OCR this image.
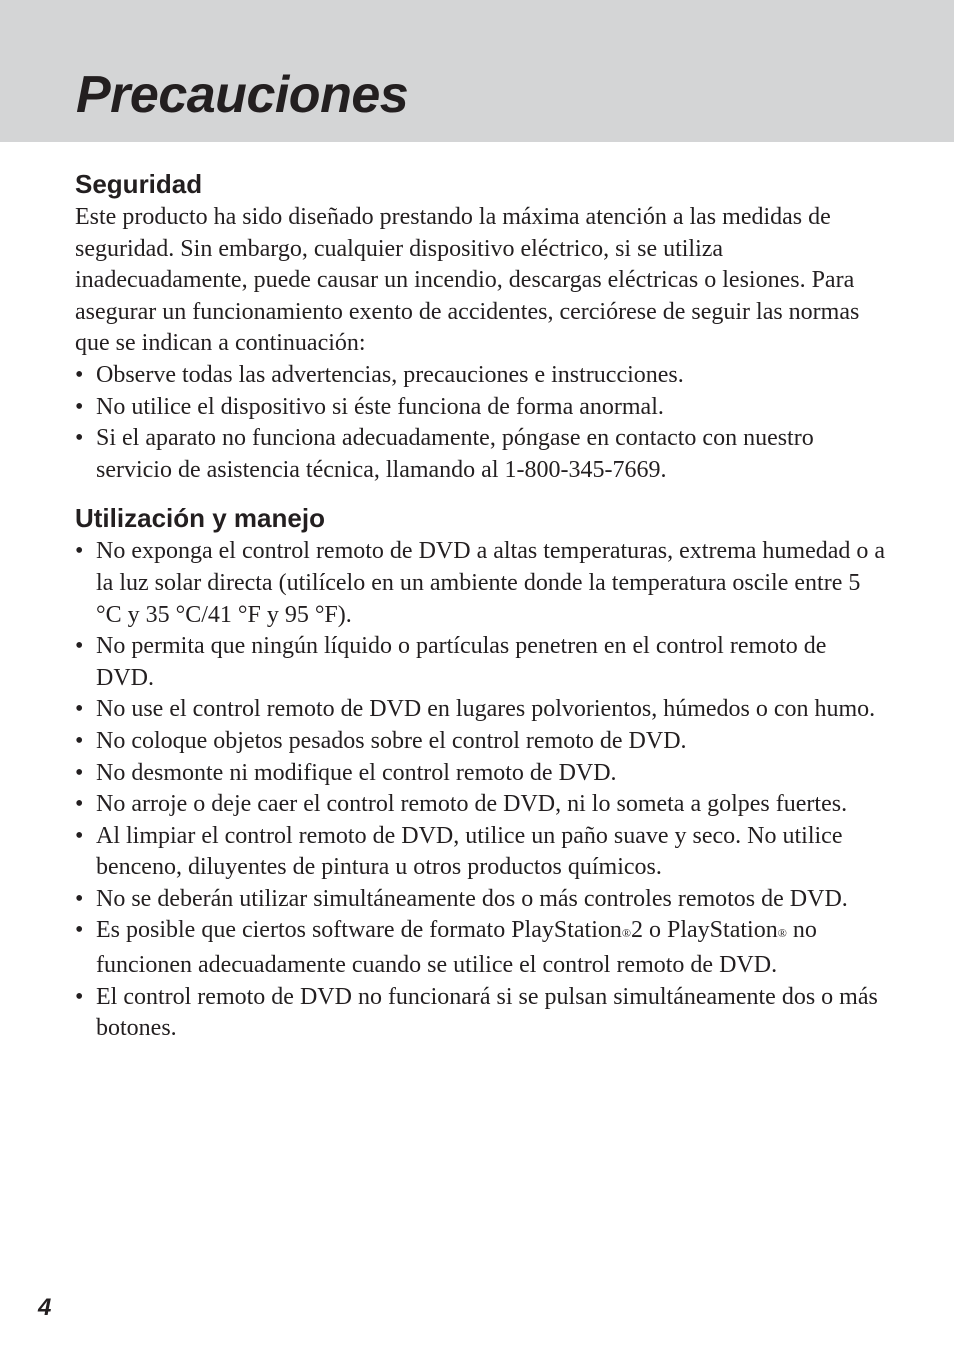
Precauciones
Seguridad

Este producto ha sido diseñado prestando la máxima atención a las medidas de seguridad. Sin embargo, cualquier dispositivo eléctrico, si se utiliza inadecuadamente, puede causar un incendio, descargas eléctricas o lesiones. Para asegurar un funcionamiento exento de accidentes, cerciórese de seguir las normas que se indican a continuación:

• Observe todas las advertencias, precauciones e instrucciones.
• No utilice el dispositivo si éste funciona de forma anormal.
• Si el aparato no funciona adecuadamente, póngase en contacto con nuestro servicio de asistencia técnica, llamando al 1-800-345-7669.
Utilización y manejo
• No exponga el control remoto de DVD a altas temperaturas, extrema humedad o a la luz solar directa (utilícelo en un ambiente donde la temperatura oscile entre 5 °C y 35 °C/41 °F y 95 °F).
• No permita que ningún líquido o partículas penetren en el control remoto de DVD.
• No use el control remoto de DVD en lugares polvorientos, húmedos o con humo.
• No coloque objetos pesados sobre el control remoto de DVD.
• No desmonte ni modifique el control remoto de DVD.
• No arroje o deje caer el control remoto de DVD, ni lo someta a golpes fuertes.
• Al limpiar el control remoto de DVD, utilice un paño suave y seco. No utilice benceno, diluyentes de pintura u otros productos químicos.
• No se deberán utilizar simultáneamente dos o más controles remotos de DVD.
• Es posible que ciertos software de formato PlayStation®2 o PlayStation® no funcionen adecuadamente cuando se utilice el control remoto de DVD.
• El control remoto de DVD no funcionará si se pulsan simultáneamente dos o más botones.
4
